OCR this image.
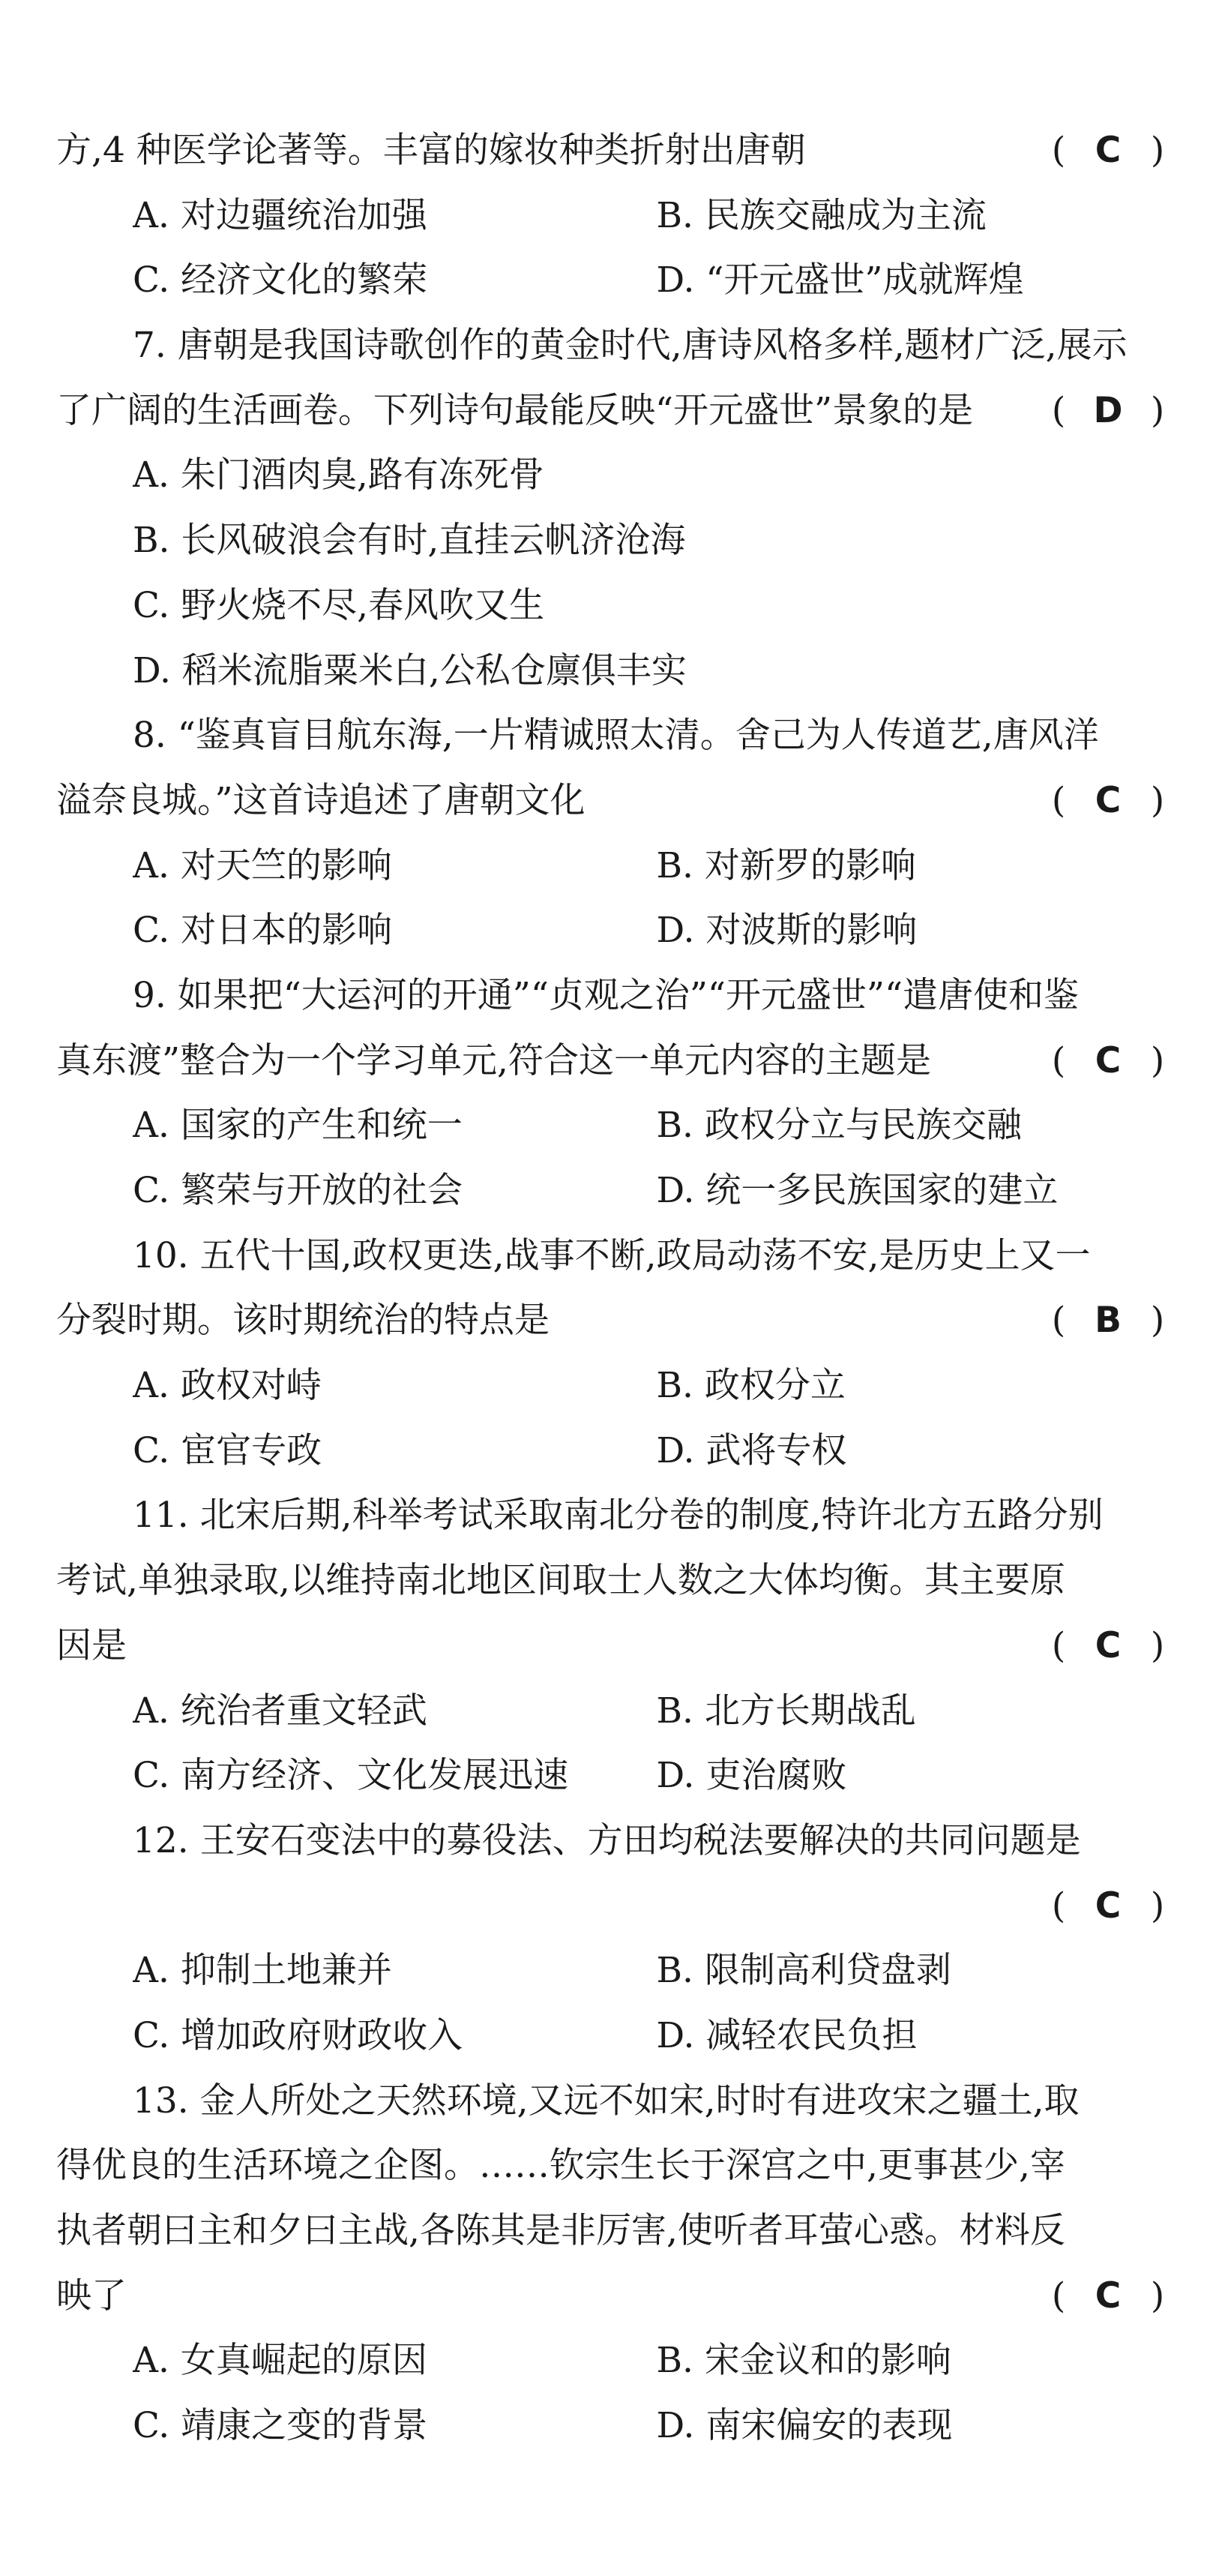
方,4 种医学论著等。丰富的嫁妆种类折射出唐朝	( C )
A. 对边疆统治加强	B. 民族交融成为主流
C. 经济文化的繁荣	D. “开元盛世”成就辉煌
7. 唐朝是我国诗歌创作的黄金时代,唐诗风格多样,题材广泛,展示
了广阔的生活画卷。下列诗句最能反映“开元盛世”景象的是	( D )
A. 朱门酒肉臭,路有冻死骨
B. 长风破浪会有时,直挂云帆济沧海
C. 野火烧不尽,春风吹又生
D. 稻米流脂粟米白,公私仓廪俱丰实
8. “鉴真盲目航东海,一片精诚照太清。舍己为人传道艺,唐风洋
溢奈良城。”这首诗追述了唐朝文化	( C )
A. 对天竺的影响	B. 对新罗的影响
C. 对日本的影响	D. 对波斯的影响
9. 如果把“大运河的开通”“贞观之治”“开元盛世”“遣唐使和鉴
真东渡”整合为一个学习单元,符合这一单元内容的主题是	( C )
A. 国家的产生和统一	B. 政权分立与民族交融
C. 繁荣与开放的社会	D. 统一多民族国家的建立
10. 五代十国,政权更迭,战事不断,政局动荡不安,是历史上又一
分裂时期。该时期统治的特点是	( B )
A. 政权对峙	B. 政权分立
C. 宦官专政	D. 武将专权
11. 北宋后期,科举考试采取南北分卷的制度,特许北方五路分别
考试,单独录取,以维持南北地区间取士人数之大体均衡。其主要原
因是	( C )
A. 统治者重文轻武	B. 北方长期战乱
C. 南方经济、文化发展迅速	D. 吏治腐败
12. 王安石变法中的募役法、方田均税法要解决的共同问题是
( C )
A. 抑制土地兼并	B. 限制高利贷盘剥
C. 增加政府财政收入	D. 减轻农民负担
13. 金人所处之天然环境,又远不如宋,时时有进攻宋之疆土,取
得优良的生活环境之企图。……钦宗生长于深宫之中,更事甚少,宰
执者朝曰主和夕曰主战,各陈其是非厉害,使听者耳萤心惑。材料反
映了	( C )
A. 女真崛起的原因	B. 宋金议和的影响
C. 靖康之变的背景	D. 南宋偏安的表现
